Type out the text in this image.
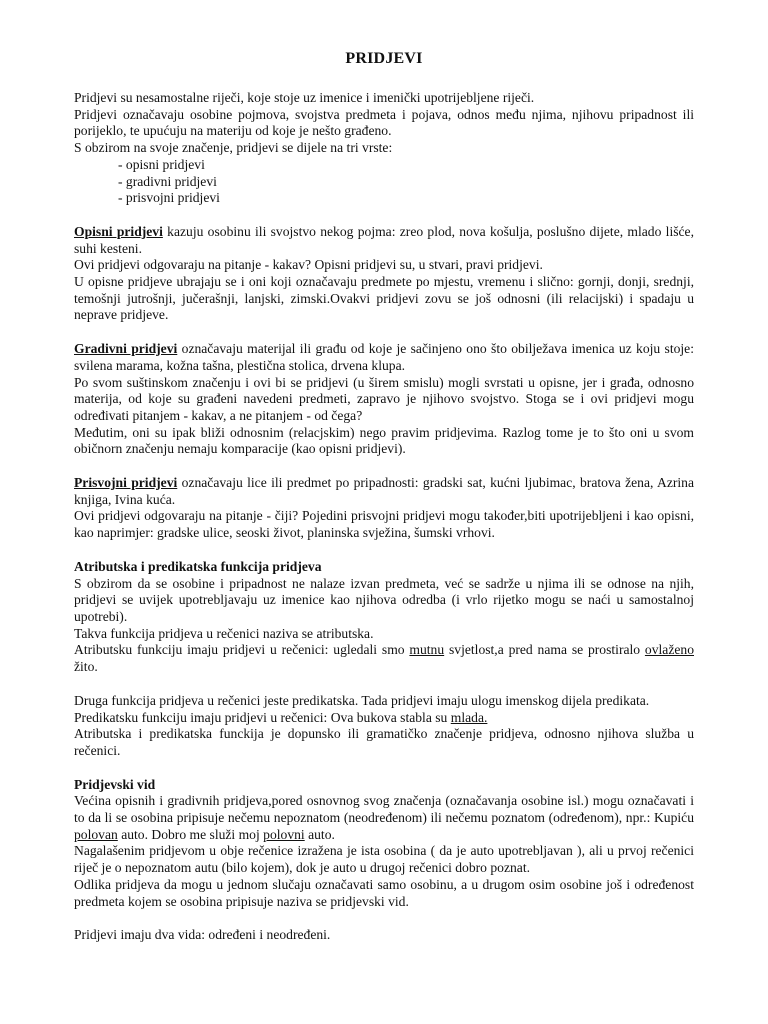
PRIDJEVI

Pridjevi su nesamostalne riječi, koje stoje uz imenice i imenički upotrijebljene riječi.

Pridjevi označavaju osobine pojmova, svojstva predmeta i pojava, odnos među njima, njihovu pripadnost ili porijeklo, te upućuju na materiju od koje je nešto građeno.

S obzirom na svoje značenje, pridjevi se dijele na tri vrste:

- opisni pridjevi
- gradivni pridjevi
- prisvojni pridjevi

Opisni pridjevi kazuju osobinu ili svojstvo nekog pojma: zreo plod, nova košulja, poslušno dijete, mlado lišće, suhi kesteni.

Ovi pridjevi odgovaraju na pitanje - kakav? Opisni pridjevi su, u stvari, pravi pridjevi.

U opisne pridjeve ubrajaju se i oni koji označavaju predmete po mjestu, vremenu i slično: gornji, donji, srednji, temošnji jutrošnji, jučerašnji, lanjski, zimski.Ovakvi pridjevi zovu se još odnosni (ili relacijski) i spadaju u neprave pridjeve.

Gradivni pridjevi označavaju materijal ili građu od koje je sačinjeno ono što obilježava imenica uz koju stoje: svilena marama, kožna tašna, plestična stolica, drvena klupa.

Po svom suštinskom značenju i ovi bi se pridjevi (u širem smislu) mogli svrstati u opisne, jer i građa, odnosno materija, od koje su građeni navedeni predmeti, zapravo je njihovo svojstvo. Stoga se i ovi pridjevi mogu određivati pitanjem - kakav, a ne pitanjem - od čega?

Međutim, oni su ipak bliži odnosnim (relacjskim) nego pravim pridjevima. Razlog tome je to što oni u svom običnorn značenju nemaju komparacije (kao opisni pridjevi).

Prisvojni pridjevi označavaju lice ili predmet po pripadnosti: gradski sat, kućni ljubimac, bratova žena, Azrina knjiga, Ivina kuća.

Ovi pridjevi odgovaraju na pitanje - čiji? Pojedini prisvojni pridjevi mogu također,biti upotrijebljeni i kao opisni, kao naprimjer: gradske ulice, seoski život, planinska svježina, šumski vrhovi.

Atributska i predikatska funkcija pridjeva

S obzirom da se osobine i pripadnost ne nalaze izvan predmeta, već se sadrže u njima ili se odnose na njih, pridjevi se uvijek upotrebljavaju uz imenice kao njihova odredba (i vrlo rijetko mogu se naći u samostalnoj upotrebi).

Takva funkcija pridjeva u rečenici naziva se atributska.

Atributsku funkciju imaju pridjevi u rečenici: ugledali smo mutnu svjetlost,a pred nama se prostiralo ovlaženo žito.

Druga funkcija pridjeva u rečenici jeste predikatska. Tada pridjevi imaju ulogu imenskog dijela predikata.

Predikatsku funkciju imaju pridjevi u rečenici: Ova bukova stabla su mlada.

Atributska i predikatska funckija je dopunsko ili gramatičko značenje pridjeva, odnosno njihova služba u rečenici.

Pridjevski vid

Većina opisnih i gradivnih pridjeva,pored osnovnog svog značenja (označavanja osobine isl.) mogu označavati i to da li se osobina pripisuje nečemu nepoznatom (neodređenom) ili nečemu poznatom (određenom), npr.: Kupiću polovan auto. Dobro me služi moj polovni auto.

Nagalašenim pridjevom u obje rečenice izražena je ista osobina ( da je auto upotrebljavan ), ali u prvoj rečenici riječ je o nepoznatom autu (bilo kojem), dok je auto u drugoj rečenici dobro poznat.

Odlika pridjeva da mogu u jednom slučaju označavati samo osobinu, a u drugom osim osobine još i određenost predmeta kojem se osobina pripisuje naziva se pridjevski vid.

Pridjevi imaju dva vida: određeni i neodređeni.
